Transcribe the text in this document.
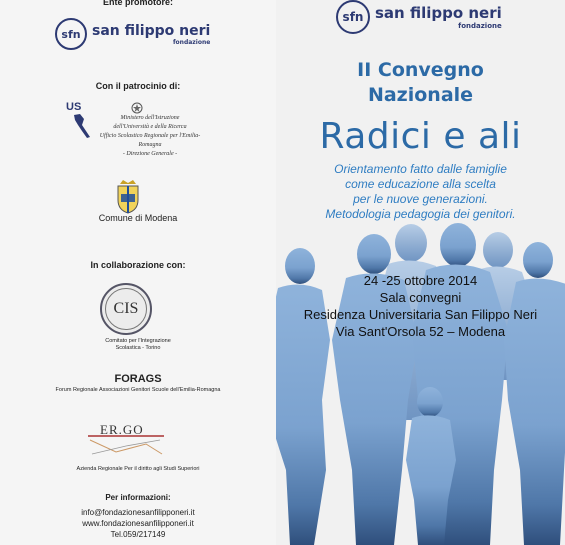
Ente promotore:
sfn san filippo neri
fondazione
Con il patrocinio di:
US
Ministero dell'Istruzione
dell'Università e della Ricerca
Ufficio Scolastico Regionale per l'Emilia-Romagna
- Direzione Generale -
Comune di Modena
In collaborazione con:
CIS
Comitato per l'Integrazione
Scolastica - Torino
FORAGS
Forum Regionale Associazioni Genitori Scuole dell'Emilia-Romagna
ER.GO
Azienda Regionale Per il diritto agli Studi Superiori
Per informazioni:
info@fondazionesanfilipponeri.it
www.fondazionesanfilipponeri.it
Tel.059/217149
sfn san filippo neri
fondazione
II Convegno
Nazionale
Radici e ali
Orientamento fatto dalle famiglie
come educazione alla scelta
per le nuove generazioni.
Metodologia pedagogia dei genitori.
24 -25 ottobre 2014
Sala convegni
Residenza Universitaria San Filippo Neri
Via Sant'Orsola 52 – Modena
